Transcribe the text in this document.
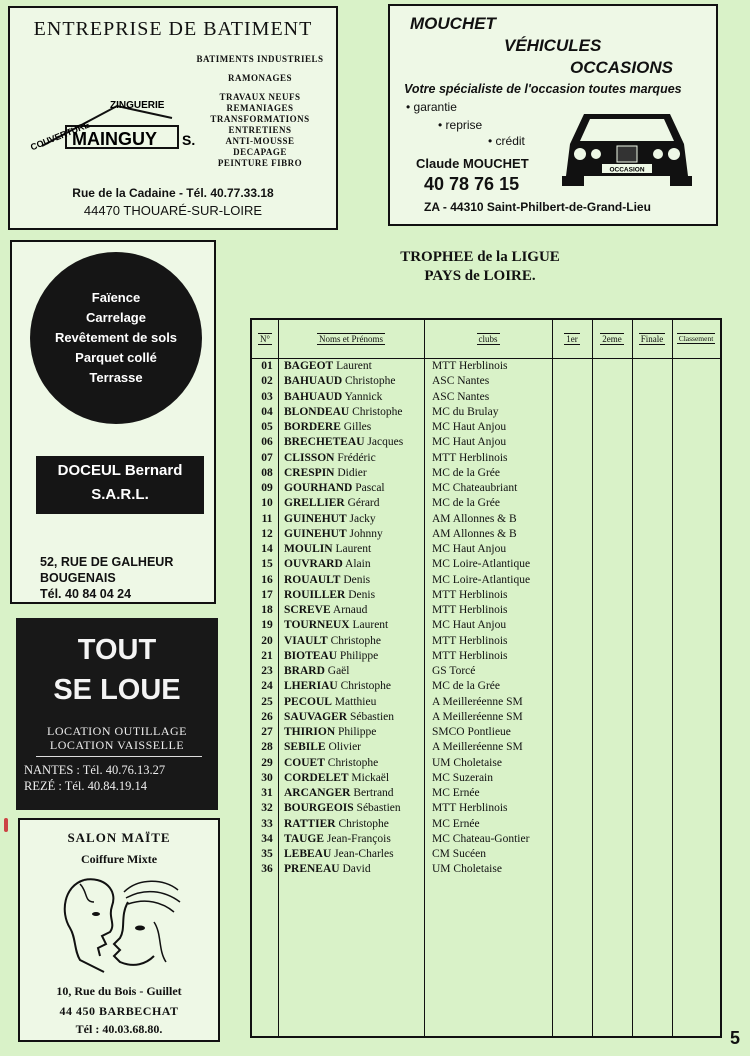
ENTREPRISE DE BATIMENT
BATIMENTS INDUSTRIELS
RAMONAGES
TRAVAUX NEUFS
REMANIAGES
TRANSFORMATIONS
ENTRETIENS
ANTI-MOUSSE
DECAPAGE
PEINTURE FIBRO
COUVERTURE
ZINGUERIE
MAINGUY S.
Rue de la Cadaine - Tél. 40.77.33.18
44470 THOUARÉ-SUR-LOIRE
MOUCHET
VÉHICULES
OCCASIONS
Votre spécialiste de l'occasion toutes marques
• garantie
• reprise
• crédit
Claude MOUCHET
40 78 76 15
ZA - 44310 Saint-Philbert-de-Grand-Lieu
OCCASION
TROPHEE de la LIGUE
PAYS de LOIRE.
Faïence
Carrelage
Revêtement de sols
Parquet collé
Terrasse
DOCEUL Bernard
S.A.R.L.
52, RUE DE GALHEUR
BOUGENAIS
Tél. 40 84 04 24
TOUT
SE LOUE
LOCATION OUTILLAGE
LOCATION VAISSELLE
NANTES : Tél. 40.76.13.27
REZÉ : Tél. 40.84.19.14
SALON MAÏTE
Coiffure Mixte
10, Rue du Bois - Guillet
44 450 BARBECHAT
Tél : 40.03.68.80.
N°	Noms et Prénoms	clubs	1er	2eme	Finale	Classement
01 BAGEOT Laurent	MTT Herblinois
02 BAHUAUD Christophe	ASC Nantes
03 BAHUAUD Yannick	ASC Nantes
04 BLONDEAU Christophe	MC du Brulay
05 BORDERE Gilles	MC Haut Anjou
06 BRECHETEAU Jacques	MC Haut Anjou
07 CLISSON Frédéric	MTT Herblinois
08 CRESPIN Didier	MC de la Grée
09 GOURHAND Pascal	MC Chateaubriant
10 GRELLIER Gérard	MC de la Grée
11	GUINEHUT Jacky	AM Allonnes & B
12 GUINEHUT Johnny	AM Allonnes & B
14 MOULIN Laurent	MC Haut Anjou
15 OUVRARD Alain	MC Loire-Atlantique
16 ROUAULT Denis	MC Loire-Atlantique
17 ROUILLER Denis	MTT Herblinois
18 SCREVE Arnaud	MTT Herblinois
19 TOURNEUX Laurent	MC Haut Anjou
20 VIAULT Christophe	MTT Herblinois
21 BIOTEAU Philippe	MTT Herblinois
23 BRARD Gaël	GS Torcé
24 LHERIAU Christophe	MC de la Grée
25 PECOUL Matthieu	A Meilleréenne SM
26 SAUVAGER Sébastien	A Meilleréenne SM
27 THIRION Philippe	SMCO Pontlieue
28 SEBILE Olivier	A Meilleréenne SM
29 COUET Christophe	UM Choletaise
30 CORDELET Mickaël	MC Suzerain
31 ARCANGER Bertrand	MC Ernée
32 BOURGEOIS Sébastien	MTT Herblinois
33 RATTIER Christophe	MC Ernée
34 TAUGE Jean-François	MC Chateau-Gontier
35 LEBEAU Jean-Charles	CM Sucéen
36 PRENEAU David	UM Choletaise
5
